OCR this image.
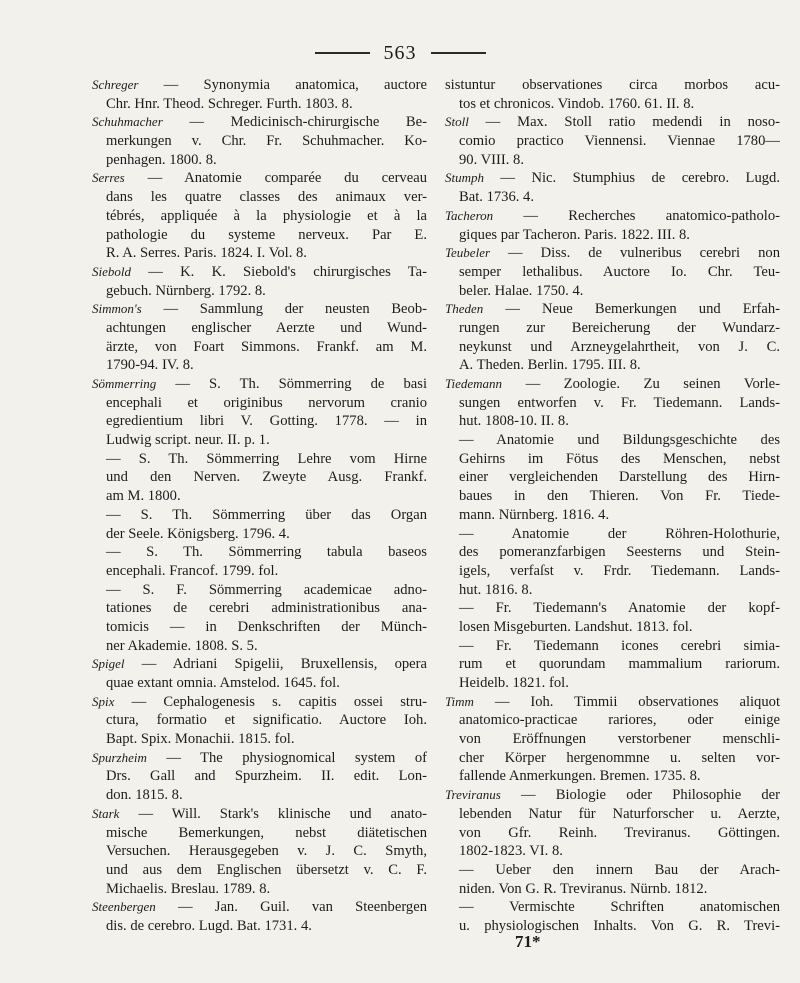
563
Schreger — Synonymia anatomica, auctore
Chr. Hnr. Theod. Schreger. Furth. 1803. 8.
Schuhmacher — Medicinisch-chirurgische Be-
merkungen v. Chr. Fr. Schuhmacher. Ko-
penhagen. 1800. 8.
Serres — Anatomie comparée du cerveau
dans les quatre classes des animaux ver-
tébrés, appliquée à la physiologie et à la
pathologie du systeme nerveux. Par E.
R. A. Serres. Paris. 1824. I. Vol. 8.
Siebold — K. K. Siebold's chirurgisches Ta-
gebuch. Nürnberg. 1792. 8.
Simmon's — Sammlung der neusten Beob-
achtungen englischer Aerzte und Wund-
ärzte, von Foart Simmons. Frankf. am M.
1790-94. IV. 8.
Sömmerring — S. Th. Sömmerring de basi
encephali et originibus nervorum cranio
egredientium libri V. Gotting. 1778. — in
Ludwig script. neur. II. p. 1.
— S. Th. Sömmerring Lehre vom Hirne
und den Nerven. Zweyte Ausg. Frankf.
am M. 1800.
— S. Th. Sömmerring über das Organ
der Seele. Königsberg. 1796. 4.
— S. Th. Sömmerring tabula baseos
encephali. Francof. 1799. fol.
— S. F. Sömmerring academicae adno-
tationes de cerebri administrationibus ana-
tomicis — in Denkschriften der Münch-
ner Akademie. 1808. S. 5.
Spigel — Adriani Spigelii, Bruxellensis, opera
quae extant omnia. Amstelod. 1645. fol.
Spix — Cephalogenesis s. capitis ossei stru-
ctura, formatio et significatio. Auctore Ioh.
Bapt. Spix. Monachii. 1815. fol.
Spurzheim — The physiognomical system of
Drs. Gall and Spurzheim. II. edit. Lon-
don. 1815. 8.
Stark — Will. Stark's klinische und anato-
mische Bemerkungen, nebst diätetischen
Versuchen. Herausgegeben v. J. C. Smyth,
und aus dem Englischen übersetzt v. C. F.
Michaelis. Breslau. 1789. 8.
Steenbergen — Jan. Guil. van Steenbergen
dis. de cerebro. Lugd. Bat. 1731. 4.
sistuntur observationes circa morbos acu-
tos et chronicos. Vindob. 1760. 61. II. 8.
Stoll — Max. Stoll ratio medendi in noso-
comio practico Viennensi. Viennae 1780—
90. VIII. 8.
Stumph — Nic. Stumphius de cerebro. Lugd.
Bat. 1736. 4.
Tacheron — Recherches anatomico-patholo-
giques par Tacheron. Paris. 1822. III. 8.
Teubeler — Diss. de vulneribus cerebri non
semper lethalibus. Auctore Io. Chr. Teu-
beler. Halae. 1750. 4.
Theden — Neue Bemerkungen und Erfah-
rungen zur Bereicherung der Wundarz-
neykunst und Arzneygelahrtheit, von J. C.
A. Theden. Berlin. 1795. III. 8.
Tiedemann — Zoologie. Zu seinen Vorle-
sungen entworfen v. Fr. Tiedemann. Lands-
hut. 1808-10. II. 8.
— Anatomie und Bildungsgeschichte des
Gehirns im Fötus des Menschen, nebst
einer vergleichenden Darstellung des Hirn-
baues in den Thieren. Von Fr. Tiede-
mann. Nürnberg. 1816. 4.
— Anatomie der Röhren-Holothurie,
des pomeranzfarbigen Seesterns und Stein-
igels, verfaſst v. Frdr. Tiedemann. Lands-
hut. 1816. 8.
— Fr. Tiedemann's Anatomie der kopf-
losen Misgeburten. Landshut. 1813. fol.
— Fr. Tiedemann icones cerebri simia-
rum et quorundam mammalium rariorum.
Heidelb. 1821. fol.
Timm — Ioh. Timmii observationes aliquot
anatomico-practicae rariores, oder einige
von Eröffnungen verstorbener menschli-
cher Körper hergenommne u. selten vor-
fallende Anmerkungen. Bremen. 1735. 8.
Treviranus — Biologie oder Philosophie der
lebenden Natur für Naturforscher u. Aerzte,
von Gfr. Reinh. Treviranus. Göttingen.
1802-1823. VI. 8.
— Ueber den innern Bau der Arach-
niden. Von G. R. Treviranus. Nürnb. 1812.
— Vermischte Schriften anatomischen
u. physiologischen Inhalts. Von G. R. Trevi-
71*
